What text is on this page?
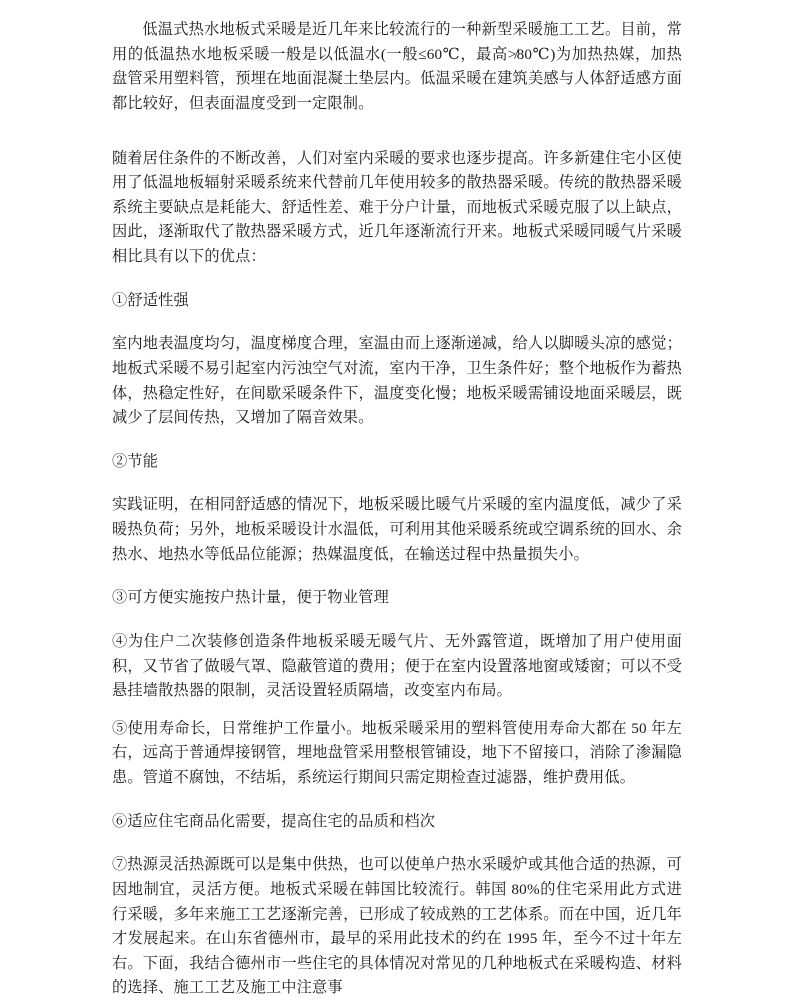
低温式热水地板式采暖是近几年来比较流行的一种新型采暖施工工艺。目前，常用的低温热水地板采暖一般是以低温水(一般≤60℃，最高≯80℃)为加热热媒，加热盘管采用塑料管，预埋在地面混凝土垫层内。低温采暖在建筑美感与人体舒适感方面都比较好，但表面温度受到一定限制。

随着居住条件的不断改善，人们对室内采暖的要求也逐步提高。许多新建住宅小区使用了低温地板辐射采暖系统来代替前几年使用较多的散热器采暖。传统的散热器采暖系统主要缺点是耗能大、舒适性差、难于分户计量，而地板式采暖克服了以上缺点，因此，逐渐取代了散热器采暖方式，近几年逐渐流行开来。地板式采暖同暖气片采暖相比具有以下的优点：

①舒适性强

室内地表温度均匀，温度梯度合理，室温由而上逐渐递减，给人以脚暖头凉的感觉；地板式采暖不易引起室内污浊空气对流，室内干净，卫生条件好；整个地板作为蓄热体，热稳定性好，在间歇采暖条件下，温度变化慢；地板采暖需铺设地面采暖层，既减少了层间传热，又增加了隔音效果。

②节能

实践证明，在相同舒适感的情况下，地板采暖比暖气片采暖的室内温度低，减少了采暖热负荷；另外，地板采暖设计水温低，可利用其他采暖系统或空调系统的回水、余热水、地热水等低品位能源；热媒温度低，在输送过程中热量损失小。

③可方便实施按户热计量，便于物业管理

④为住户二次装修创造条件地板采暖无暖气片、无外露管道，既增加了用户使用面积，又节省了做暖气罩、隐蔽管道的费用；便于在室内设置落地窗或矮窗；可以不受悬挂墙散热器的限制，灵活设置轻质隔墙，改变室内布局。

⑤使用寿命长，日常维护工作量小。地板采暖采用的塑料管使用寿命大都在 50 年左右，远高于普通焊接钢管，埋地盘管采用整根管铺设，地下不留接口，消除了渗漏隐患。管道不腐蚀，不结垢，系统运行期间只需定期检查过滤器，维护费用低。

⑥适应住宅商品化需要，提高住宅的品质和档次

⑦热源灵活热源既可以是集中供热，也可以使单户热水采暖炉或其他合适的热源，可因地制宜，灵活方便。地板式采暖在韩国比较流行。韩国 80%的住宅采用此方式进行采暖，多年来施工工艺逐渐完善，已形成了较成熟的工艺体系。而在中国，近几年才发展起来。在山东省德州市，最早的采用此技术的约在 1995 年，至今不过十年左右。下面，我结合德州市一些住宅的具体情况对常见的几种地板式在采暖构造、材料的选择、施工工艺及施工中注意事
